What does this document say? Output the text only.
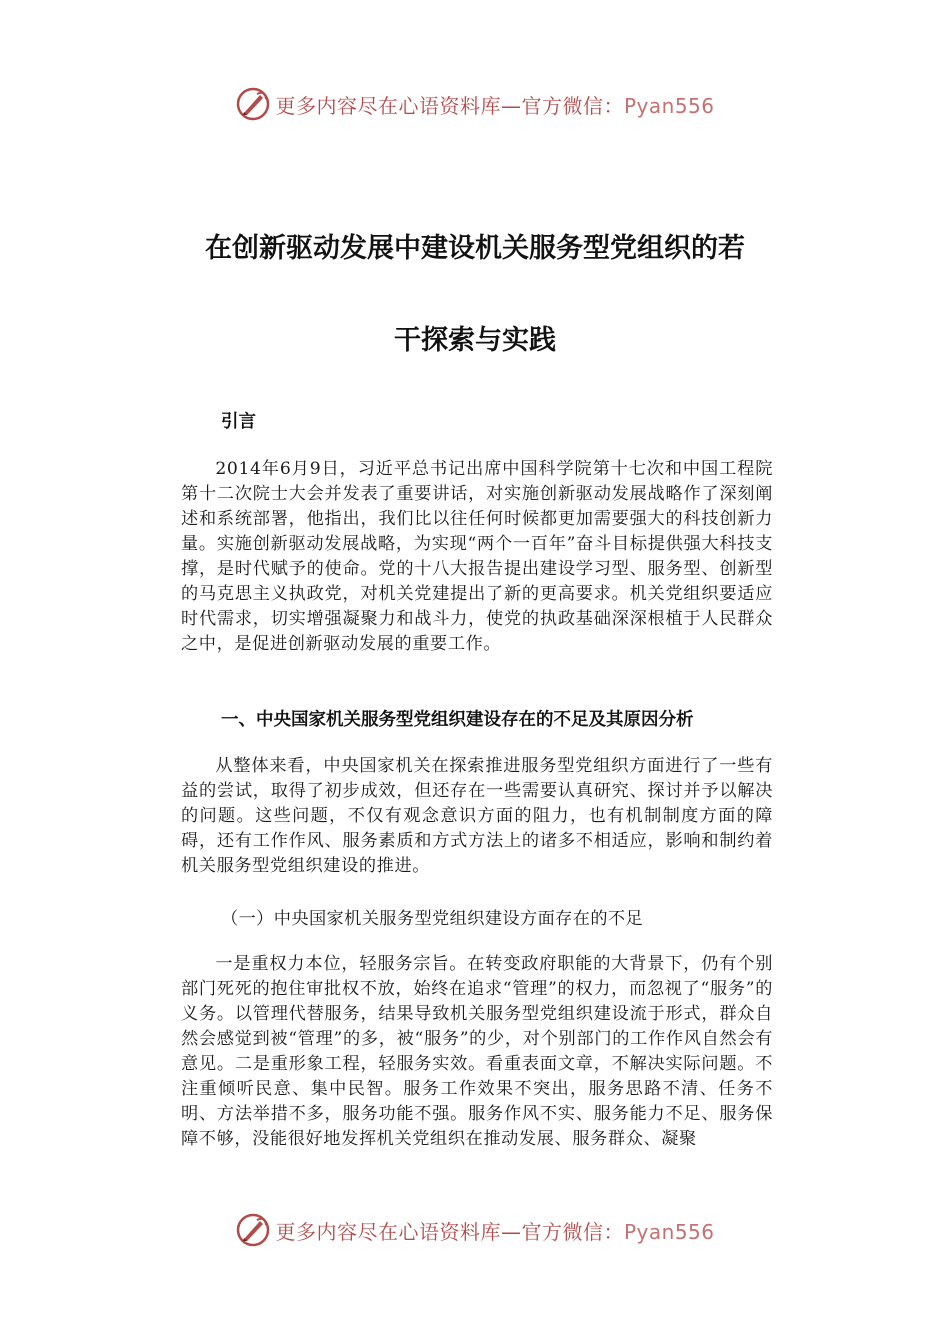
更多内容尽在心语资料库—官方微信：Pyan556
在创新驱动发展中建设机关服务型党组织的若
干探索与实践

引言

2014年6月9日，习近平总书记出席中国科学院第十七次和中国工程院第十二次院士大会并发表了重要讲话，对实施创新驱动发展战略作了深刻阐述和系统部署，他指出，我们比以往任何时候都更加需要强大的科技创新力量。实施创新驱动发展战略，为实现“两个一百年”奋斗目标提供强大科技支撑，是时代赋予的使命。党的十八大报告提出建设学习型、服务型、创新型的马克思主义执政党，对机关党建提出了新的更高要求。机关党组织要适应时代需求，切实增强凝聚力和战斗力，使党的执政基础深深根植于人民群众之中，是促进创新驱动发展的重要工作。

一、中央国家机关服务型党组织建设存在的不足及其原因分析

从整体来看，中央国家机关在探索推进服务型党组织方面进行了一些有益的尝试，取得了初步成效，但还存在一些需要认真研究、探讨并予以解决的问题。这些问题，不仅有观念意识方面的阻力，也有机制制度方面的障碍，还有工作作风、服务素质和方式方法上的诸多不相适应，影响和制约着机关服务型党组织建设的推进。

（一）中央国家机关服务型党组织建设方面存在的不足

一是重权力本位，轻服务宗旨。在转变政府职能的大背景下，仍有个别部门死死的抱住审批权不放，始终在追求“管理”的权力，而忽视了“服务”的义务。以管理代替服务，结果导致机关服务型党组织建设流于形式，群众自然会感觉到被“管理”的多，被“服务”的少，对个别部门的工作作风自然会有意见。二是重形象工程，轻服务实效。看重表面文章，不解决实际问题。不注重倾听民意、集中民智。服务工作效果不突出，服务思路不清、任务不明、方法举措不多，服务功能不强。服务作风不实、服务能力不足、服务保障不够，没能很好地发挥机关党组织在推动发展、服务群众、凝聚

更多内容尽在心语资料库—官方微信：Pyan556
